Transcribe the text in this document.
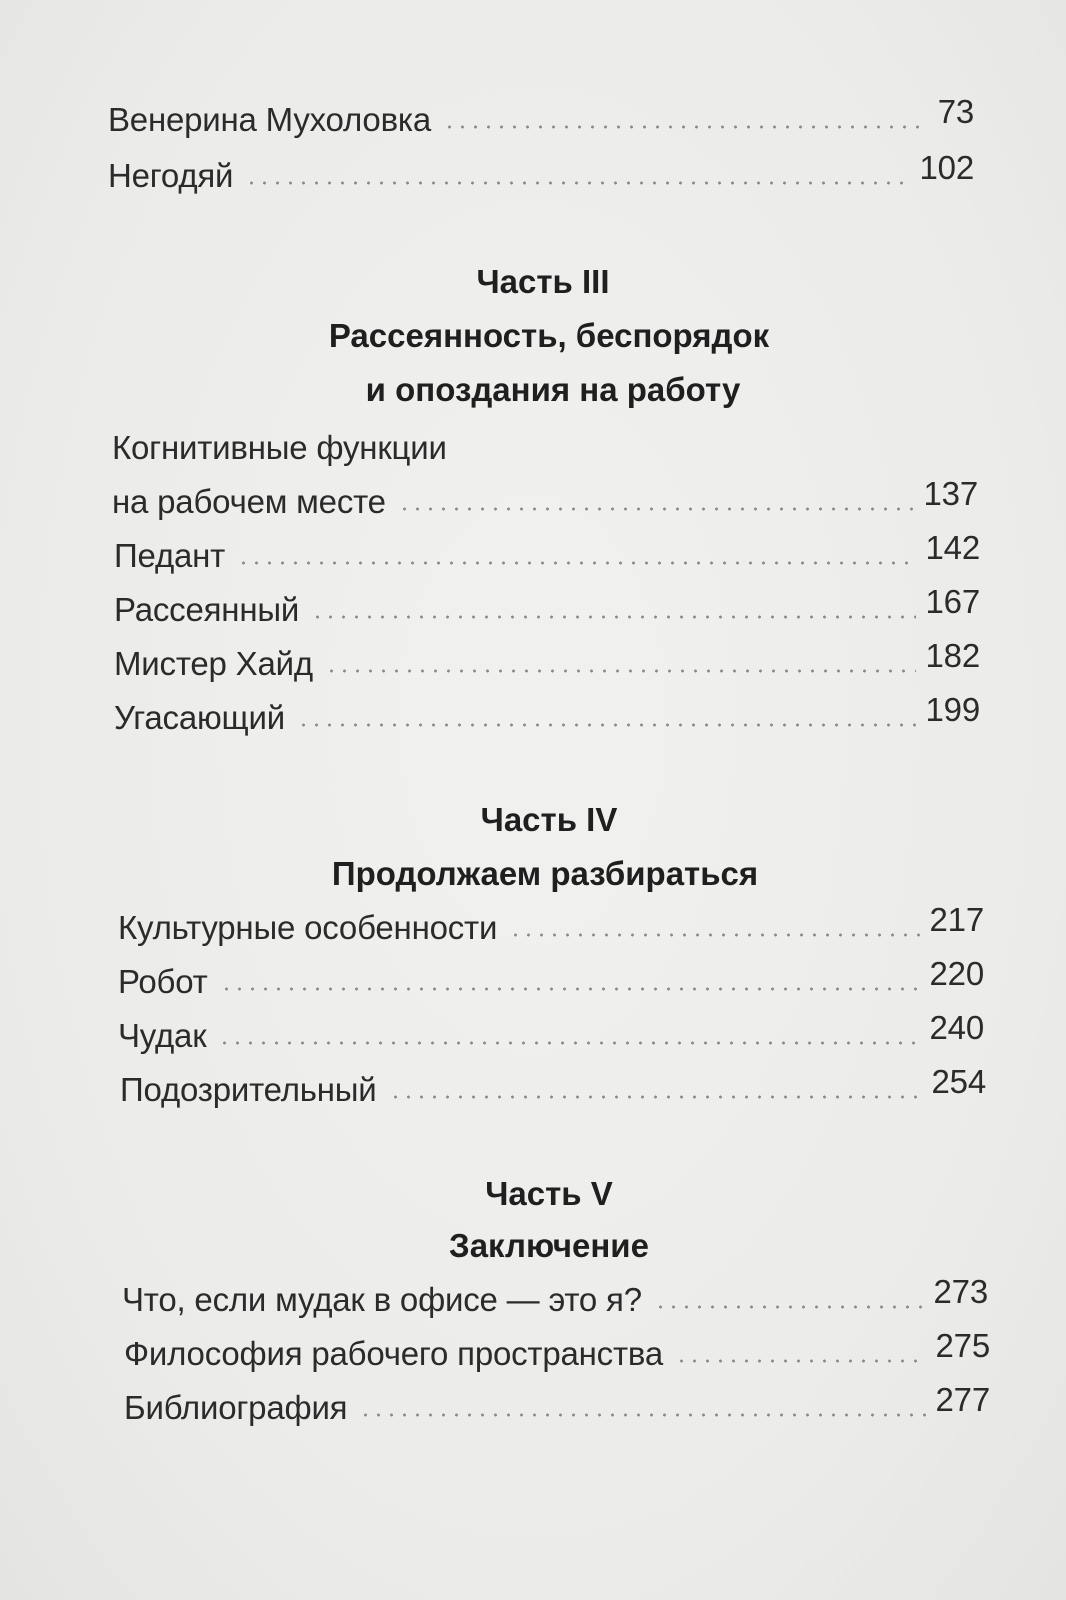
Венерина Мухоловка	73
Негодяй	102
Часть III
Рассеянность, беспорядок
и опоздания на работу
Когнитивные функции
на рабочем месте	137
Педант	142
Рассеянный	167
Мистер Хайд	182
Угасающий	199
Часть IV
Продолжаем разбираться
Культурные особенности	217
Робот	220
Чудак	240
Подозрительный	254
Часть V
Заключение
Что, если мудак в офисе — это я?	273
Философия рабочего пространства	275
Библиография	277
